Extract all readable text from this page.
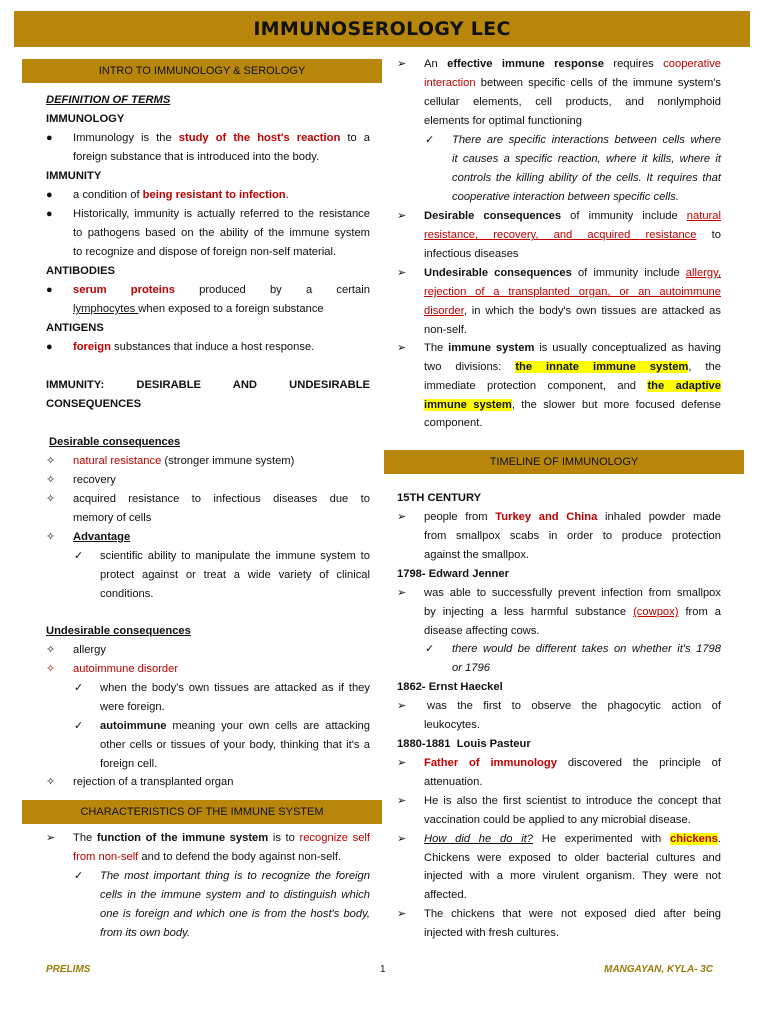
IMMUNOSEROLOGY LEC
INTRO TO IMMUNOLOGY & SEROLOGY
DEFINITION OF TERMS
IMMUNOLOGY
● Immunology is the study of the host's reaction to a
foreign substance that is introduced into the body.
IMMUNITY
● a condition of being resistant to infection.
● Historically, immunity is actually referred to the resistance
to pathogens based on the ability of the immune system
to recognize and dispose of foreign non-self material.
ANTIBODIES
● serum proteins produced by a certain
lymphocytes when exposed to a foreign substance
ANTIGENS
● foreign substances that induce a host response.
IMMUNITY: DESIRABLE AND UNDESIRABLE
CONSEQUENCES
Desirable consequences
✧ natural resistance (stronger immune system)
✧ recovery
✧ acquired resistance to infectious diseases due to
memory of cells
✧ Advantage
✓ scientific ability to manipulate the immune system to
protect against or treat a wide variety of clinical
conditions.
Undesirable consequences
✧ allergy
✧ autoimmune disorder
✓ when the body's own tissues are attacked as if they
were foreign.
✓ autoimmune meaning your own cells are attacking
other cells or tissues of your body, thinking that it's a
foreign cell.
✧ rejection of a transplanted organ
CHARACTERISTICS OF THE IMMUNE SYSTEM
➢ The function of the immune system is to recognize self
from non-self and to defend the body against non-self.
✓ The most important thing is to recognize the foreign
cells in the immune system and to distinguish which
one is foreign and which one is from the host's body,
from its own body.
➢ An effective immune response requires cooperative
interaction between specific cells of the immune system's
cellular elements, cell products, and nonlymphoid
elements for optimal functioning
✓ There are specific interactions between cells where
it causes a specific reaction, where it kills, where it
controls the killing ability of the cells. It requires that
cooperative interaction between specific cells.
➢ Desirable consequences of immunity include natural
resistance, recovery, and acquired resistance to
infectious diseases
➢ Undesirable consequences of immunity include allergy,
rejection of a transplanted organ, or an autoimmune
disorder, in which the body's own tissues are attacked as
non-self.
➢ The immune system is usually conceptualized as having
two divisions: the innate immune system, the
immediate protection component, and the adaptive
immune system, the slower but more focused defense
component.
TIMELINE OF IMMUNOLOGY
15TH CENTURY
➢ people from Turkey and China inhaled powder made
from smallpox scabs in order to produce protection
against the smallpox.
1798- Edward Jenner
➢ was able to successfully prevent infection from smallpox
by injecting a less harmful substance (cowpox) from a
disease affecting cows.
✓ there would be different takes on whether it's 1798
or 1796
1862- Ernst Haeckel
➢ was the first to observe the phagocytic action of
leukocytes.
1880-1881  Louis Pasteur
➢ Father of immunology discovered the principle of
attenuation.
➢ He is also the first scientist to introduce the concept that
vaccination could be applied to any microbial disease.
➢ How did he do it? He experimented with chickens.
Chickens were exposed to older bacterial cultures and
injected with a more virulent organism. They were not
affected.
➢ The chickens that were not exposed died after being
injected with fresh cultures.
PRELIMS	1	MANGAYAN, KYLA- 3C
